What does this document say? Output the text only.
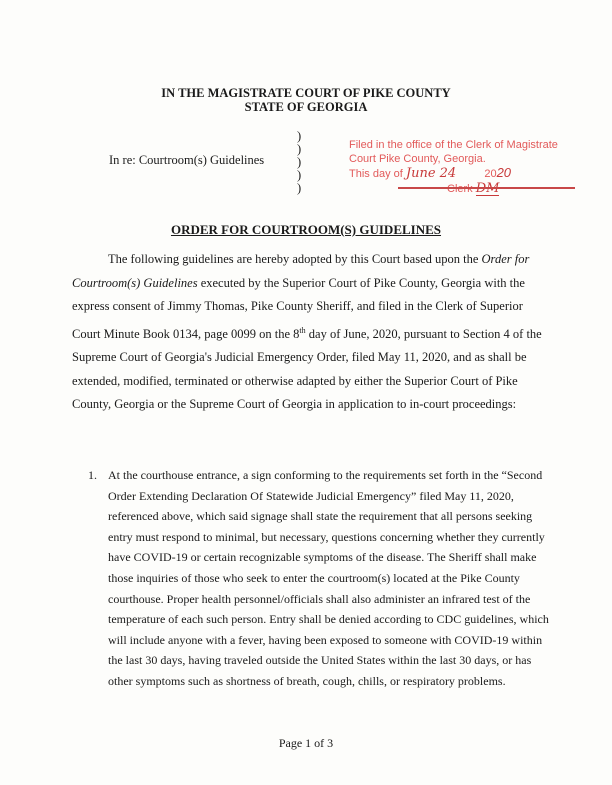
IN THE MAGISTRATE COURT OF PIKE COUNTY
STATE OF GEORGIA
In re: Courtroom(s) Guidelines
)
)
)
)
)
Filed in the office of the Clerk of Magistrate
Court Pike County, Georgia.
This day of June 24	2020
ORDER FOR COURTROOM(S) GUIDELINES
The following guidelines are hereby adopted by this Court based upon the Order for Courtroom(s) Guidelines executed by the Superior Court of Pike County, Georgia with the express consent of Jimmy Thomas, Pike County Sheriff, and filed in the Clerk of Superior Court Minute Book 0134, page 0099 on the 8th day of June, 2020, pursuant to Section 4 of the Supreme Court of Georgia's Judicial Emergency Order, filed May 11, 2020, and as shall be extended, modified, terminated or otherwise adapted by either the Superior Court of Pike County, Georgia or the Supreme Court of Georgia in application to in-court proceedings:
1. At the courthouse entrance, a sign conforming to the requirements set forth in the “Second Order Extending Declaration Of Statewide Judicial Emergency” filed May 11, 2020, referenced above, which said signage shall state the requirement that all persons seeking entry must respond to minimal, but necessary, questions concerning whether they currently have COVID-19 or certain recognizable symptoms of the disease. The Sheriff shall make those inquiries of those who seek to enter the courtroom(s) located at the Pike County courthouse. Proper health personnel/officials shall also administer an infrared test of the temperature of each such person. Entry shall be denied according to CDC guidelines, which will include anyone with a fever, having been exposed to someone with COVID-19 within the last 30 days, having traveled outside the United States within the last 30 days, or has other symptoms such as shortness of breath, cough, chills, or respiratory problems.
Page 1 of 3
